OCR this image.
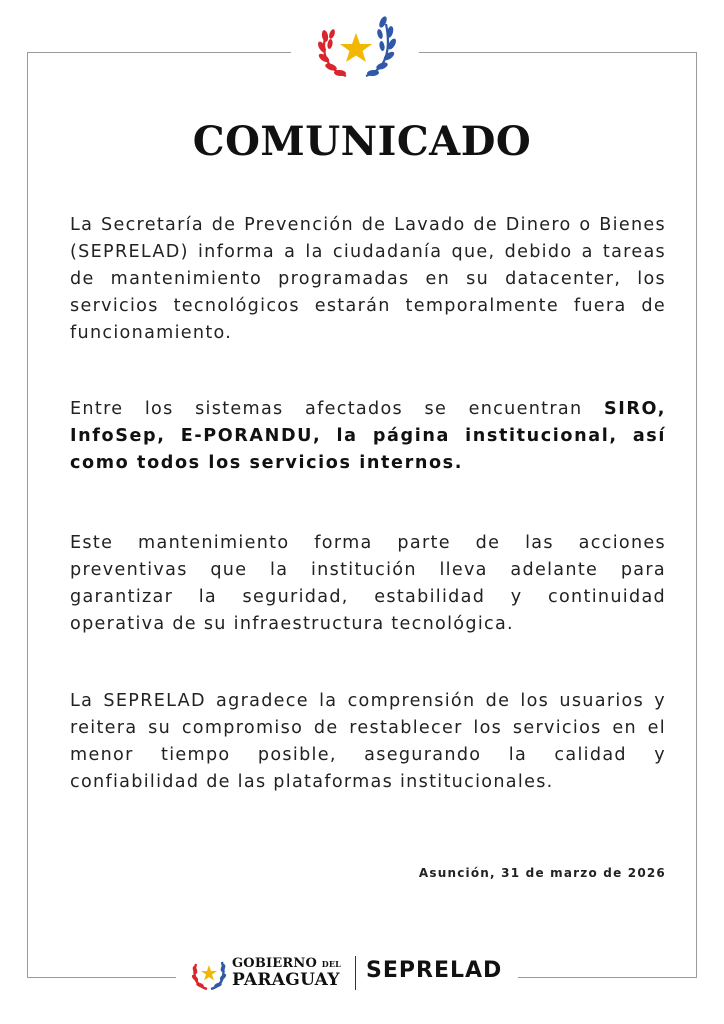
COMUNICADO

La Secretaría de Prevención de Lavado de Dinero o Bienes (SEPRELAD) informa a la ciudadanía que, debido a tareas de mantenimiento programadas en su datacenter, los servicios tecnológicos estarán temporalmente fuera de funcionamiento.

Entre los sistemas afectados se encuentran SIRO, InfoSep, E-PORANDU, la página institucional, así como todos los servicios internos.

Este mantenimiento forma parte de las acciones preventivas que la institución lleva adelante para garantizar la seguridad, estabilidad y continuidad operativa de su infraestructura tecnológica.

La SEPRELAD agradece la comprensión de los usuarios y reitera su compromiso de restablecer los servicios en el menor tiempo posible, asegurando la calidad y confiabilidad de las plataformas institucionales.

Asunción, 31 de marzo de 2026
GOBIERNO DEL
PARAGUAY SEPRELAD
